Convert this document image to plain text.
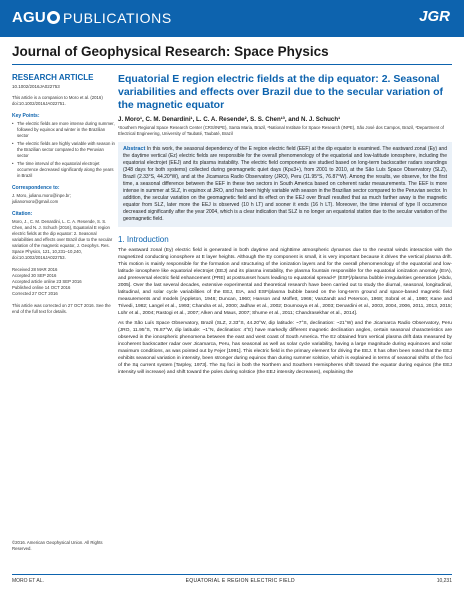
AGU PUBLICATIONS	JGR
Journal of Geophysical Research: Space Physics
RESEARCH ARTICLE
10.1002/2016JA022753
This article is a companion to Moro et al. (2016) doi:10.1002/2016JA022751.
Key Points:
• The electric fields are more intense during summer, followed by equinox and winter in the Brazilian sector
• The electric fields are highly variable with season in the Brazilian sector compared to the Peruvian sector
• The time interval of the equatorial electrojet occurrence decreased significantly along the years in Brazil
Correspondence to:
J. Moro, juliano.moro@inpe.br; julianomoro@gmail.com
Citation:
Moro, J., C. M. Denardini, L. C. A. Resende, S. S. Chen, and N. J. Schuch (2016), Equatorial E region electric fields at the dip equator: 2. Seasonal variabilities and effects over Brazil due to the secular variation of the magnetic equator, J. Geophys. Res. Space Physics, 121, 10,231–10,240, doi:10.1002/2016JA022753.
Received 28 MAR 2016
Accepted 30 SEP 2016
Accepted article online 23 SEP 2016
Published online 14 OCT 2016
Corrected 27 OCT 2016
This article was corrected on 27 OCT 2016. See the end of the full text for details.
©2016. American Geophysical Union. All Rights Reserved.
Equatorial E region electric fields at the dip equator: 2. Seasonal variabilities and effects over Brazil due to the secular variation of the magnetic equator
J. Moro¹, C. M. Denardini¹, L. C. A. Resende², S. S. Chen¹³, and N. J. Schuch¹
¹Southern Regional Space Research Center (CRS/INPE), Santa Maria, Brazil, ²National Institute for Space Research (INPE), São José dos Campos, Brazil, ³Department of Electrical Engineering, University of Taubaté, Taubaté, Brazil
Abstract In this work, the seasonal dependency of the E region electric field (EEF) at the dip equator is examined. The eastward zonal (Ey) and the daytime vertical (Ez) electric fields are responsible for the overall phenomenology of the equatorial and low-latitude ionosphere, including the equatorial electrojet (EEJ) and its plasma instability. The electric field components are studied based on long-term backscatter radars soundings (348 days for both systems) collected during geomagnetic quiet days (Kp≤3+), from 2001 to 2010, at the São Luís Space Observatory (SLZ), Brazil (2.33°S, 44.20°W), and at the Jicamarca Radio Observatory (JRO), Peru (11.95°S, 76.87°W). Among the results, we observe, for the first time, a seasonal difference between the EEF in these two sectors in South America based on coherent radar measurements. The EEF is more intense in summer at SLZ, in equinox at JRO, and has been highly variable with season in the Brazilian sector compared to the Peruvian sector. In addition, the secular variation on the geomagnetic field and its effect on the EEJ over Brazil resulted that as much farther away is the magnetic equator from SLZ, later more the EEJ is observed (10 h LT) and sooner it ends (16 h LT). Moreover, the time interval of type II occurrence decreased significantly after the year 2004, which is a clear indication that SLZ is no longer an equatorial station due to the secular variation of the geomagnetic field.
1. Introduction

The eastward zonal (Ey) electric field is generated in both daytime and nighttime atmospheric dynamos due to the neutral winds interaction with the magnetized conducting ionosphere at E layer heights. Although the Ey component is small, it is very important because it drives the vertical plasma drift. This motion is mainly responsible for the formation and structuring of the ionization layers and for the overall phenomenology of the equatorial and low-latitude ionosphere like equatorial electrojet (EEJ) and its plasma instability, the plasma fountain responsible for the equatorial ionization anomaly (EIA), and prereversal electric field enhancement (PRE) at postsunset hours leading to equatorial spread-F (ESF)/plasma bubble irregularities generation [Abdu, 2005]. Over the last several decades, extensive experimental and theoretical research have been carried out to study the diurnal, seasonal, longitudinal, latitudinal, and solar cycle variabilities of the EEJ, EIA, and ESF/plasma bubble based on the long-term ground and space-based magnetic field measurements and models [Appleton, 1946; Duncan, 1960; Hanson and Moffett, 1966; VanZandt and Peterson, 1968; Sobral et al., 1980; Kane and Trivedi, 1982; Langel et al., 1993; Chandra et al., 2000; Jadhav et al., 2002; Doumouya et al., 2003; Denardini et al., 2003, 2004, 2006, 2011, 2013, 2015; Lühr et al., 2004; Rastogi et al., 2007; Alken and Maus, 2007; Shume et al., 2011; Chandrasekhar et al., 2014].

As the São Luís Space Observatory, Brazil (SLZ, 2.33°S, 44.20°W, dip latitude: ~7°S, declination: ~21°W) and the Jicamarca Radio Observatory, Peru (JRO, 11.95°S, 76.87°W, dip latitude: ~1°N, declination: 4°E) have markedly different magnetic declination angles, certain seasonal characteristics are observed in the ionospheric phenomena between the east and west coast of South America. The Ez obtained from vertical plasma drift data measured by incoherent backscatter radar over Jicamarca, Peru, has seasonal as well as solar cycle variability, having a large magnitude during equinoxes and solar maximum conditions, as was pointed out by Fejer [1991]. This electric field is the primary element for driving the EEJ. It has often been noted that the EEJ exhibits seasonal variation in intensity, been stronger during equinox than during summer solstice, which is explained in terms of seasonal shifts of the foci of the Sq current system [Tarpley, 1973]. The Sq foci in both the Northern and Southern Hemispheres shift toward the equator during equinox (the EEJ intensity will increase) and shift toward the poles during solstice (the EEJ intensity decreases), explaining the

MORO ET AL.	EQUATORIAL E REGION ELECTRIC FIELD	10,231
